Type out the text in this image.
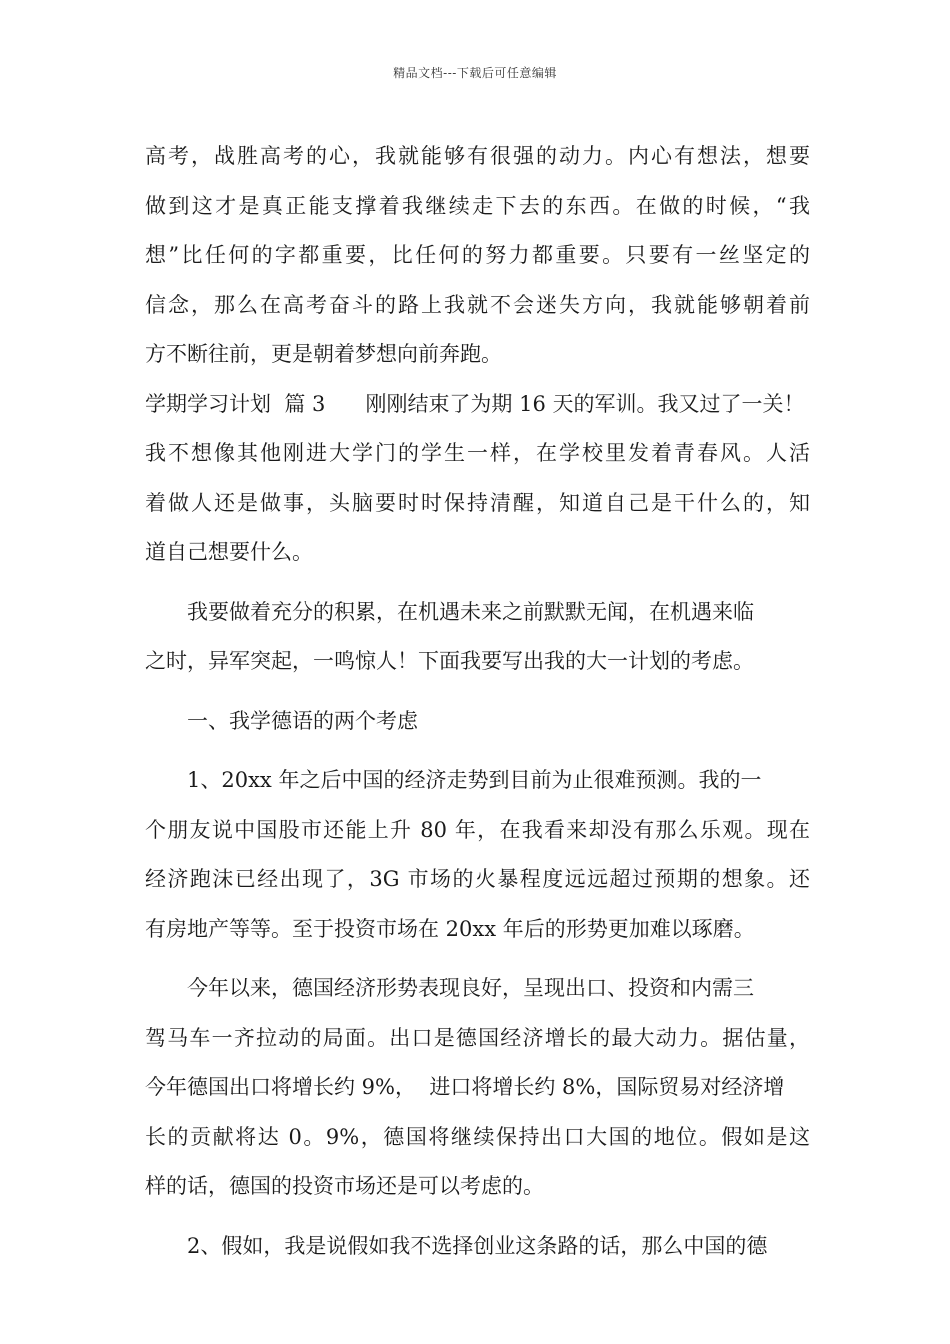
精品文档---下载后可任意编辑
高考，战胜高考的心，我就能够有很强的动力。内心有想法，想要
做到这才是真正能支撑着我继续走下去的东西。在做的时候，“我
想”比任何的字都重要，比任何的努力都重要。只要有一丝坚定的
信念，那么在高考奋斗的路上我就不会迷失方向，我就能够朝着前
方不断往前，更是朝着梦想向前奔跑。
学期学习计划  篇 3      刚刚结束了为期 16 天的军训。我又过了一关！
我不想像其他刚进大学门的学生一样，在学校里发着青春风。人活
着做人还是做事，头脑要时时保持清醒，知道自己是干什么的，知
道自己想要什么。
我要做着充分的积累，在机遇未来之前默默无闻，在机遇来临
之时，异军突起，一鸣惊人！下面我要写出我的大一计划的考虑。
一、我学德语的两个考虑
1、20xx 年之后中国的经济走势到目前为止很难预测。我的一
个朋友说中国股市还能上升 80 年，在我看来却没有那么乐观。现在
经济跑沫已经出现了，3G 市场的火暴程度远远超过预期的想象。还
有房地产等等。至于投资市场在 20xx 年后的形势更加难以琢磨。
今年以来，德国经济形势表现良好，呈现出口、投资和内需三
驾马车一齐拉动的局面。出口是德国经济增长的最大动力。据估量，
今年德国出口将增长约 9%，  进口将增长约 8%，国际贸易对经济增
长的贡献将达 0。9%，德国将继续保持出口大国的地位。假如是这
样的话，德国的投资市场还是可以考虑的。
2、假如，我是说假如我不选择创业这条路的话，那么中国的德
